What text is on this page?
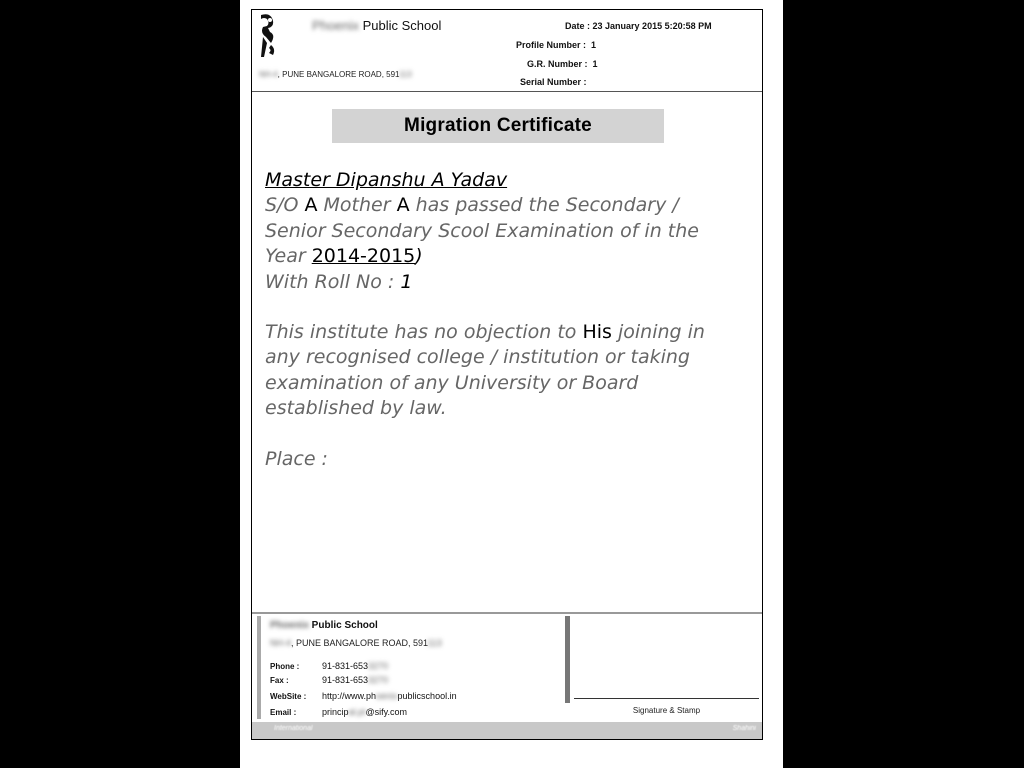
Phoenix Public School
NH-4, PUNE BANGALORE ROAD, 591113
Date : 23 January 2015 5:20:58 PM
Profile Number : 1
G.R. Number : 1
Serial Number :
Migration Certificate

Master Dipanshu A Yadav

S/O A Mother A has passed the Secondary / Senior Secondary Scool Examination of in the Year 2014-2015)

With Roll No : 1

This institute has no objection to His joining in any recognised college / institution or taking examination of any University or Board established by law.

Place :

Phoenix Public School
NH-4, PUNE BANGALORE ROAD, 591113
Phone :	91-831-6533270
Fax :	91-831-6533270
WebSite : http://www.phoenixpublicschool.in
Email :	principal.pt@sify.com	Signature & Stamp
International	Shahini
